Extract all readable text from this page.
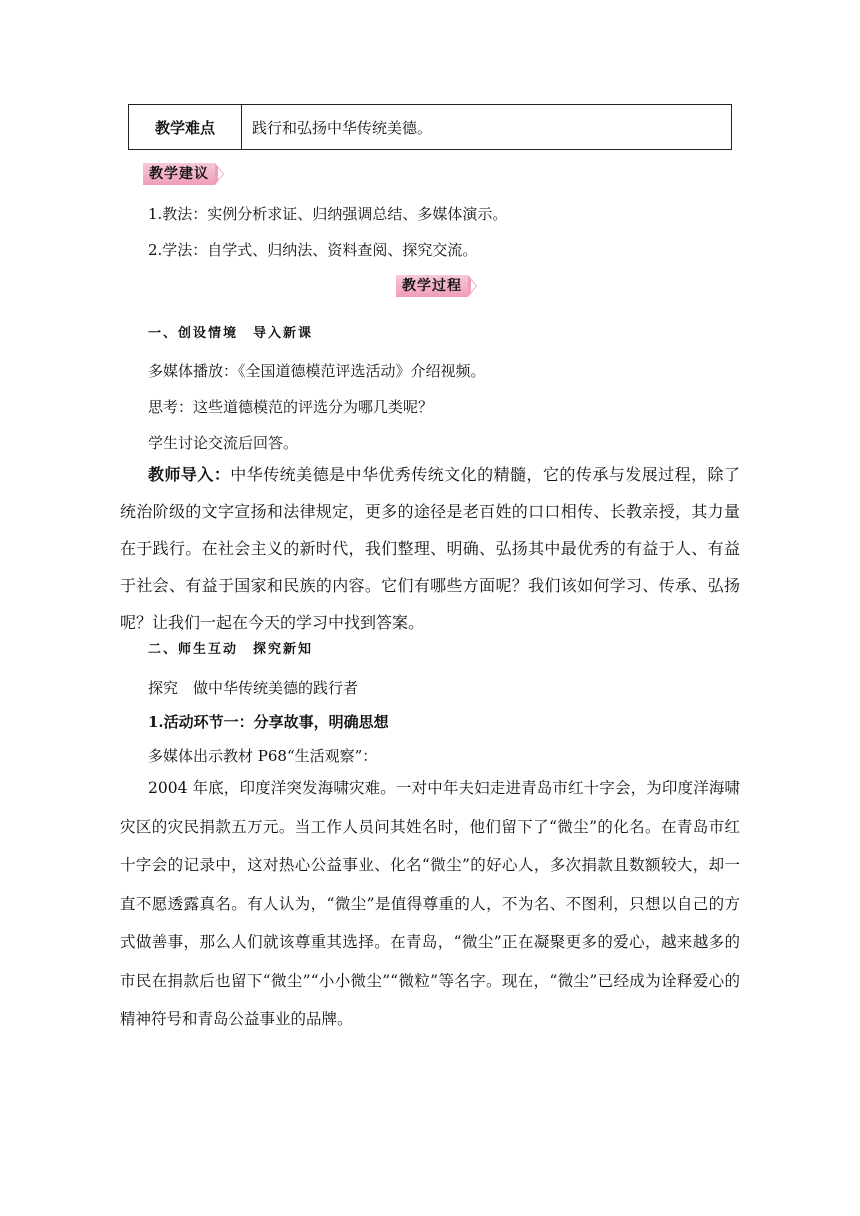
教学难点	践行和弘扬中华传统美德。
教学建议
1.教法：实例分析求证、归纳强调总结、多媒体演示。
2.学法：自学式、归纳法、资料查阅、探究交流。
教学过程
一、创设情境　导入新课
多媒体播放：《全国道德模范评选活动》介绍视频。
思考：这些道德模范的评选分为哪几类呢？
学生讨论交流后回答。
教师导入：中华传统美德是中华优秀传统文化的精髓，它的传承与发展过程，除了统治阶级的文字宣扬和法律规定，更多的途径是老百姓的口口相传、长教亲授，其力量在于践行。在社会主义的新时代，我们整理、明确、弘扬其中最优秀的有益于人、有益于社会、有益于国家和民族的内容。它们有哪些方面呢？我们该如何学习、传承、弘扬呢？让我们一起在今天的学习中找到答案。
二、师生互动　探究新知
探究　做中华传统美德的践行者
1.活动环节一：分享故事，明确思想
多媒体出示教材 P68“生活观察”：
2004 年底，印度洋突发海啸灾难。一对中年夫妇走进青岛市红十字会，为印度洋海啸灾区的灾民捐款五万元。当工作人员问其姓名时，他们留下了“微尘”的化名。在青岛市红十字会的记录中，这对热心公益事业、化名“微尘”的好心人，多次捐款且数额较大，却一直不愿透露真名。有人认为，“微尘”是值得尊重的人，不为名、不图利，只想以自己的方式做善事，那么人们就该尊重其选择。在青岛，“微尘”正在凝聚更多的爱心，越来越多的市民在捐款后也留下“微尘”“小小微尘”“微粒”等名字。现在，“微尘”已经成为诠释爱心的精神符号和青岛公益事业的品牌。
